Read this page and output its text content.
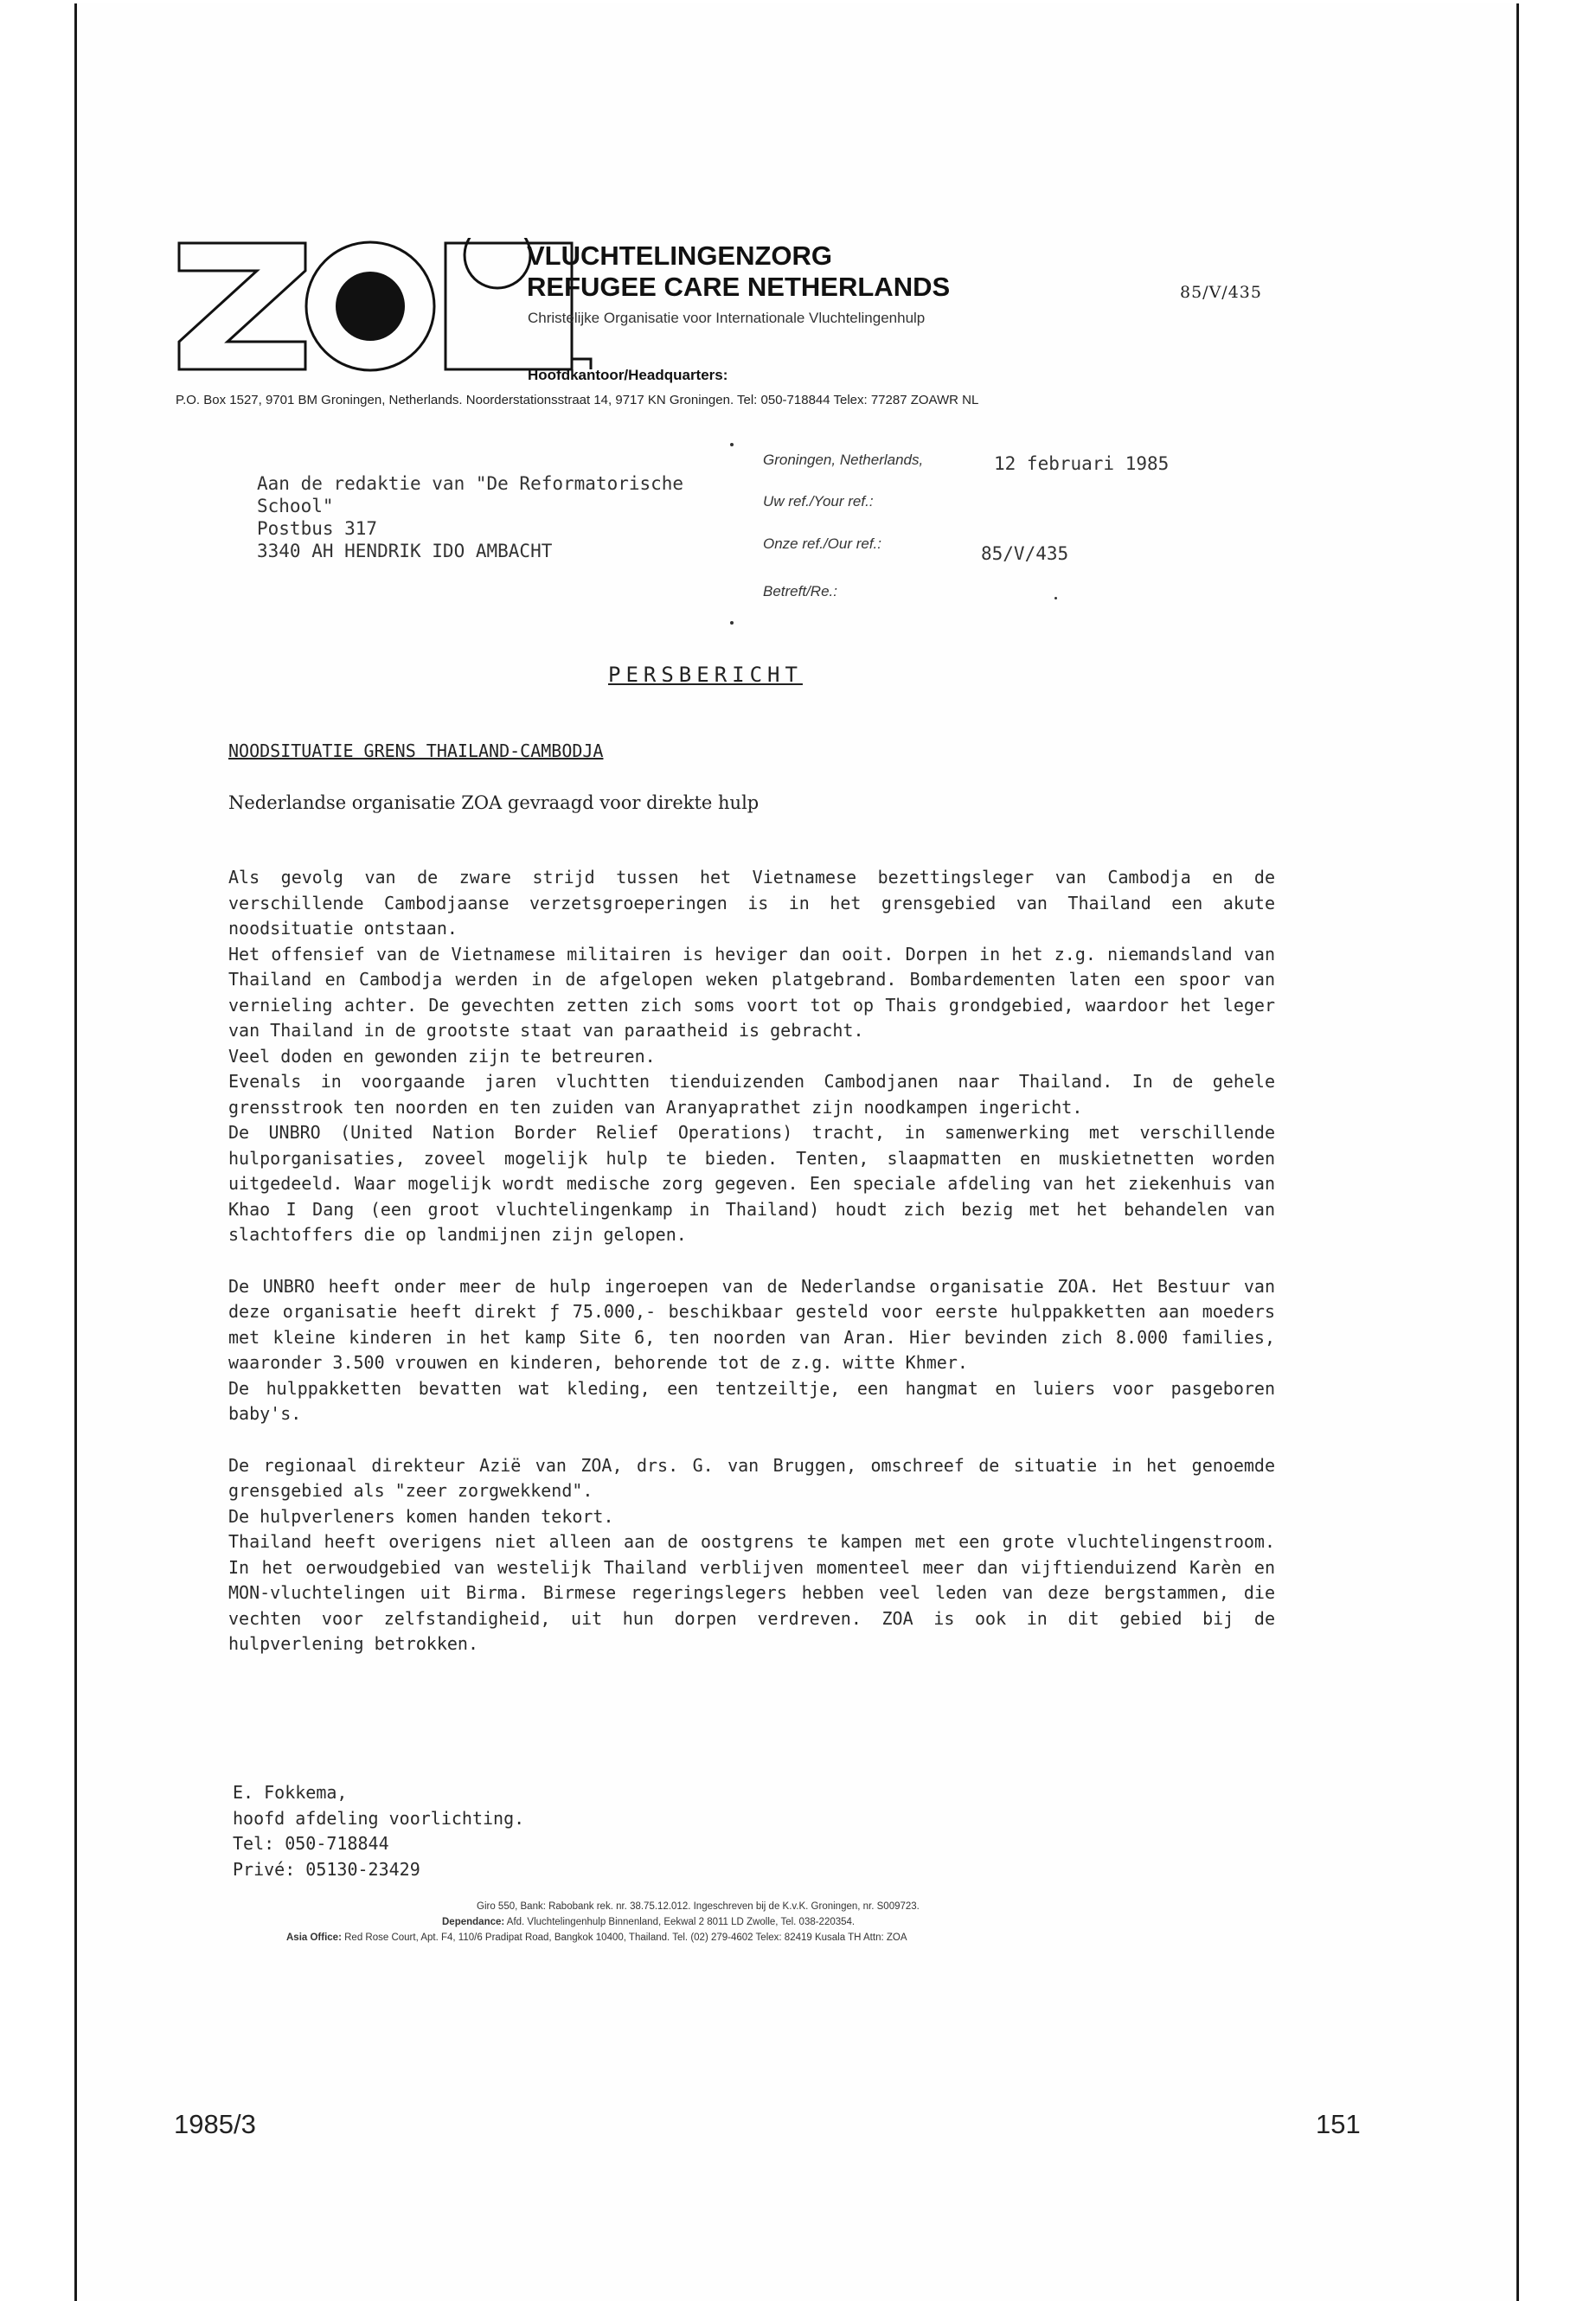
VLUCHTELINGENZORG
REFUGEE CARE NETHERLANDS
Christelijke Organisatie voor Internationale Vluchtelingenhulp
Hoofdkantoor/Headquarters:
85/V/435
P.O. Box 1527, 9701 BM Groningen, Netherlands. Noorderstationsstraat 14, 9717 KN Groningen. Tel: 050-718844 Telex: 77287 ZOAWR NL
Aan de redaktie van "De Reformatorische
School"
Postbus 317
3340 AH HENDRIK IDO AMBACHT
Groningen, Netherlands,	12 februari 1985
Uw ref./Your ref.:
Onze ref./Our ref.:	85/V/435
Betreft/Re.:
PERSBERICHT
NOODSITUATIE GRENS THAILAND-CAMBODJA
Nederlandse organisatie ZOA gevraagd voor direkte hulp

Als gevolg van de zware strijd tussen het Vietnamese bezettingsleger van Cambodja en de verschillende Cambodjaanse verzetsgroeperingen is in het grensgebied van Thailand een akute noodsituatie ontstaan.

Het offensief van de Vietnamese militairen is heviger dan ooit. Dorpen in het z.g. niemandsland van Thailand en Cambodja werden in de afgelopen weken platgebrand. Bombardementen laten een spoor van vernieling achter. De gevechten zetten zich soms voort tot op Thais grondgebied, waardoor het leger van Thailand in de grootste staat van paraatheid is gebracht.

Veel doden en gewonden zijn te betreuren.

Evenals in voorgaande jaren vluchtten tienduizenden Cambodjanen naar Thailand. In de gehele grensstrook ten noorden en ten zuiden van Aranyaprathet zijn noodkampen ingericht.

De UNBRO (United Nation Border Relief Operations) tracht, in samenwerking met verschillende hulporganisaties, zoveel mogelijk hulp te bieden. Tenten, slaapmatten en muskietnetten worden uitgedeeld. Waar mogelijk wordt medische zorg gegeven. Een speciale afdeling van het ziekenhuis van Khao I Dang (een groot vluchtelingenkamp in Thailand) houdt zich bezig met het behandelen van slachtoffers die op landmijnen zijn gelopen.

De UNBRO heeft onder meer de hulp ingeroepen van de Nederlandse organisatie ZOA. Het Bestuur van deze organisatie heeft direkt ƒ 75.000,- beschikbaar gesteld voor eerste hulppakketten aan moeders met kleine kinderen in het kamp Site 6, ten noorden van Aran. Hier bevinden zich 8.000 families, waaronder 3.500 vrouwen en kinderen, behorende tot de z.g. witte Khmer.

De hulppakketten bevatten wat kleding, een tentzeiltje, een hangmat en luiers voor pasgeboren baby's.

De regionaal direkteur Azië van ZOA, drs. G. van Bruggen, omschreef de situatie in het genoemde grensgebied als "zeer zorgwekkend".

De hulpverleners komen handen tekort.

Thailand heeft overigens niet alleen aan de oostgrens te kampen met een grote vluchtelingenstroom. In het oerwoudgebied van westelijk Thailand verblijven momenteel meer dan vijftienduizend Karèn en MON-vluchtelingen uit Birma. Birmese regeringslegers hebben veel leden van deze bergstammen, die vechten voor zelfstandigheid, uit hun dorpen verdreven. ZOA is ook in dit gebied bij de hulpverlening betrokken.

E. Fokkema,
hoofd afdeling voorlichting.
Tel: 050-718844
Privé: 05130-23429
Giro 550, Bank: Rabobank rek. nr. 38.75.12.012. Ingeschreven bij de K.v.K. Groningen, nr. S009723.
Dependance: Afd. Vluchtelingenhulp Binnenland, Eekwal 2 8011 LD Zwolle, Tel. 038-220354.
Asia Office: Red Rose Court, Apt. F4, 110/6 Pradipat Road, Bangkok 10400, Thailand. Tel. (02) 279-4602 Telex: 82419 Kusala TH Attn: ZOA
1985/3	151
